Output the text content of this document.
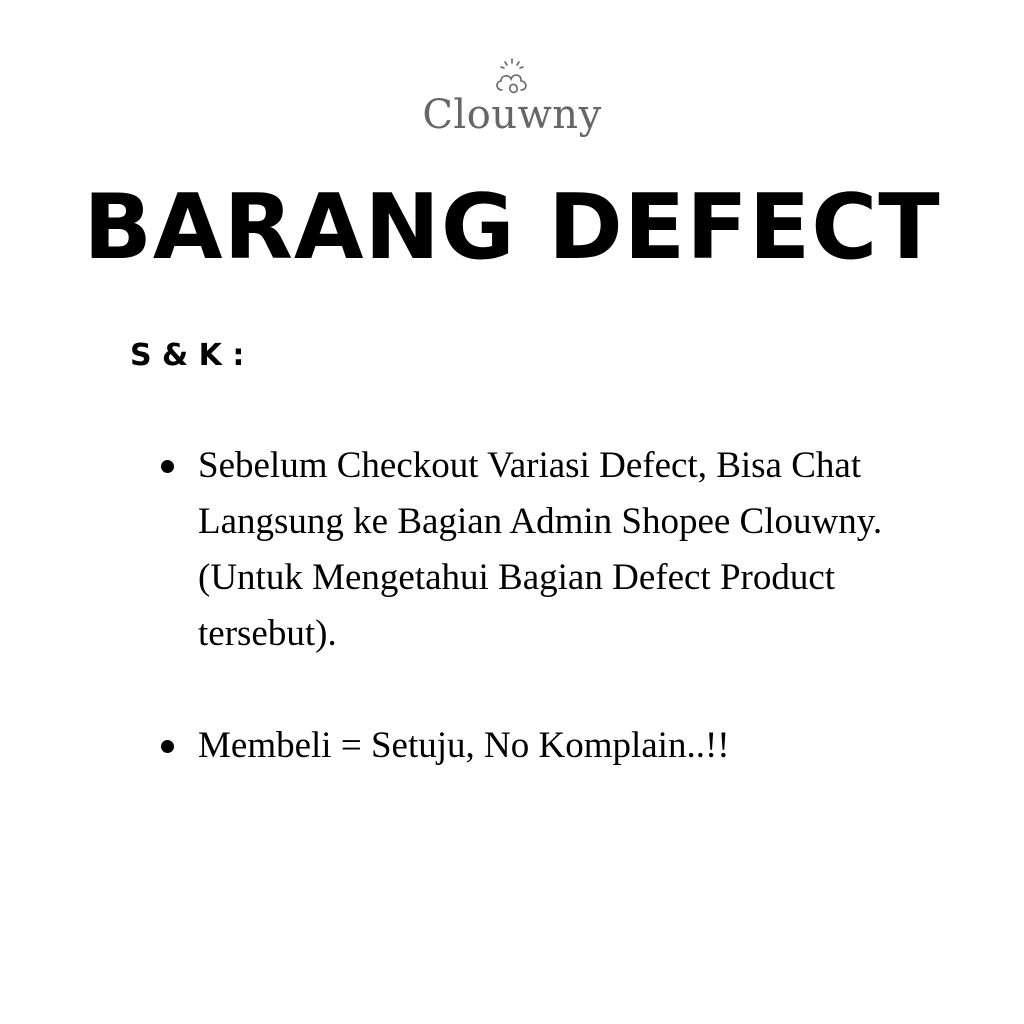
Clouwny
BARANG DEFECT
S & K :
Sebelum Checkout Variasi Defect, Bisa Chat Langsung ke Bagian Admin Shopee Clouwny. (Untuk Mengetahui Bagian Defect Product tersebut).
Membeli = Setuju, No Komplain..!!
